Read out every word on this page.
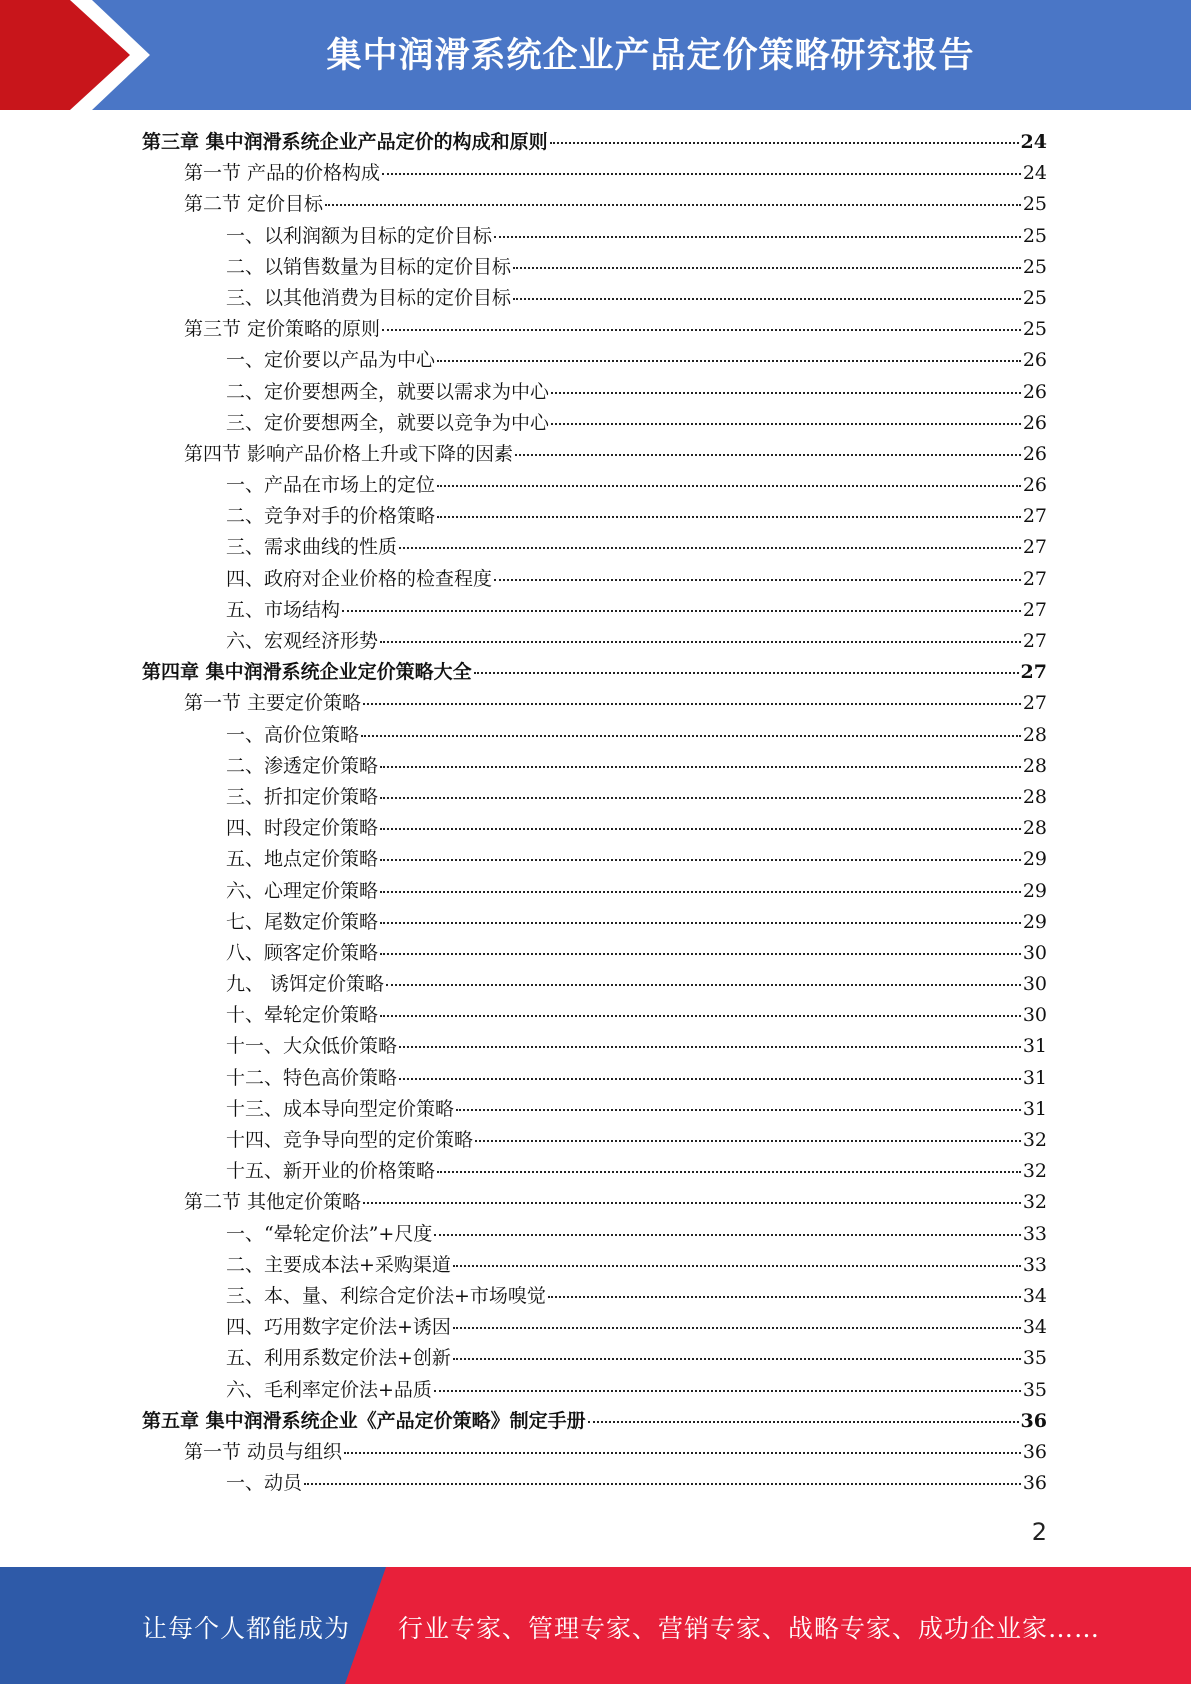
集中润滑系统企业产品定价策略研究报告
第三章 集中润滑系统企业产品定价的构成和原则	24
第一节 产品的价格构成	24
第二节 定价目标	25
一、以利润额为目标的定价目标	25
二、以销售数量为目标的定价目标	25
三、以其他消费为目标的定价目标	25
第三节 定价策略的原则	25
一、定价要以产品为中心	26
二、定价要想两全，就要以需求为中心	26
三、定价要想两全，就要以竞争为中心	26
第四节 影响产品价格上升或下降的因素	26
一、产品在市场上的定位	26
二、竞争对手的价格策略	27
三、需求曲线的性质	27
四、政府对企业价格的检查程度	27
五、市场结构	27
六、宏观经济形势	27
第四章 集中润滑系统企业定价策略大全	27
第一节 主要定价策略	27
一、高价位策略	28
二、渗透定价策略	28
三、折扣定价策略	28
四、时段定价策略	28
五、地点定价策略	29
六、心理定价策略	29
七、尾数定价策略	29
八、顾客定价策略	30
九、 诱饵定价策略	30
十、晕轮定价策略	30
十一、大众低价策略	31
十二、特色高价策略	31
十三、成本导向型定价策略	31
十四、竞争导向型的定价策略	32
十五、新开业的价格策略	32
第二节 其他定价策略	32
一、“晕轮定价法”+尺度	33
二、主要成本法+采购渠道	33
三、本、量、利综合定价法+市场嗅觉	34
四、巧用数字定价法+诱因	34
五、利用系数定价法+创新	35
六、毛利率定价法+品质	35
第五章 集中润滑系统企业《产品定价策略》制定手册	36
第一节 动员与组织	36
一、动员	36
2
让每个人都能成为 行业专家、管理专家、营销专家、战略专家、成功企业家……
